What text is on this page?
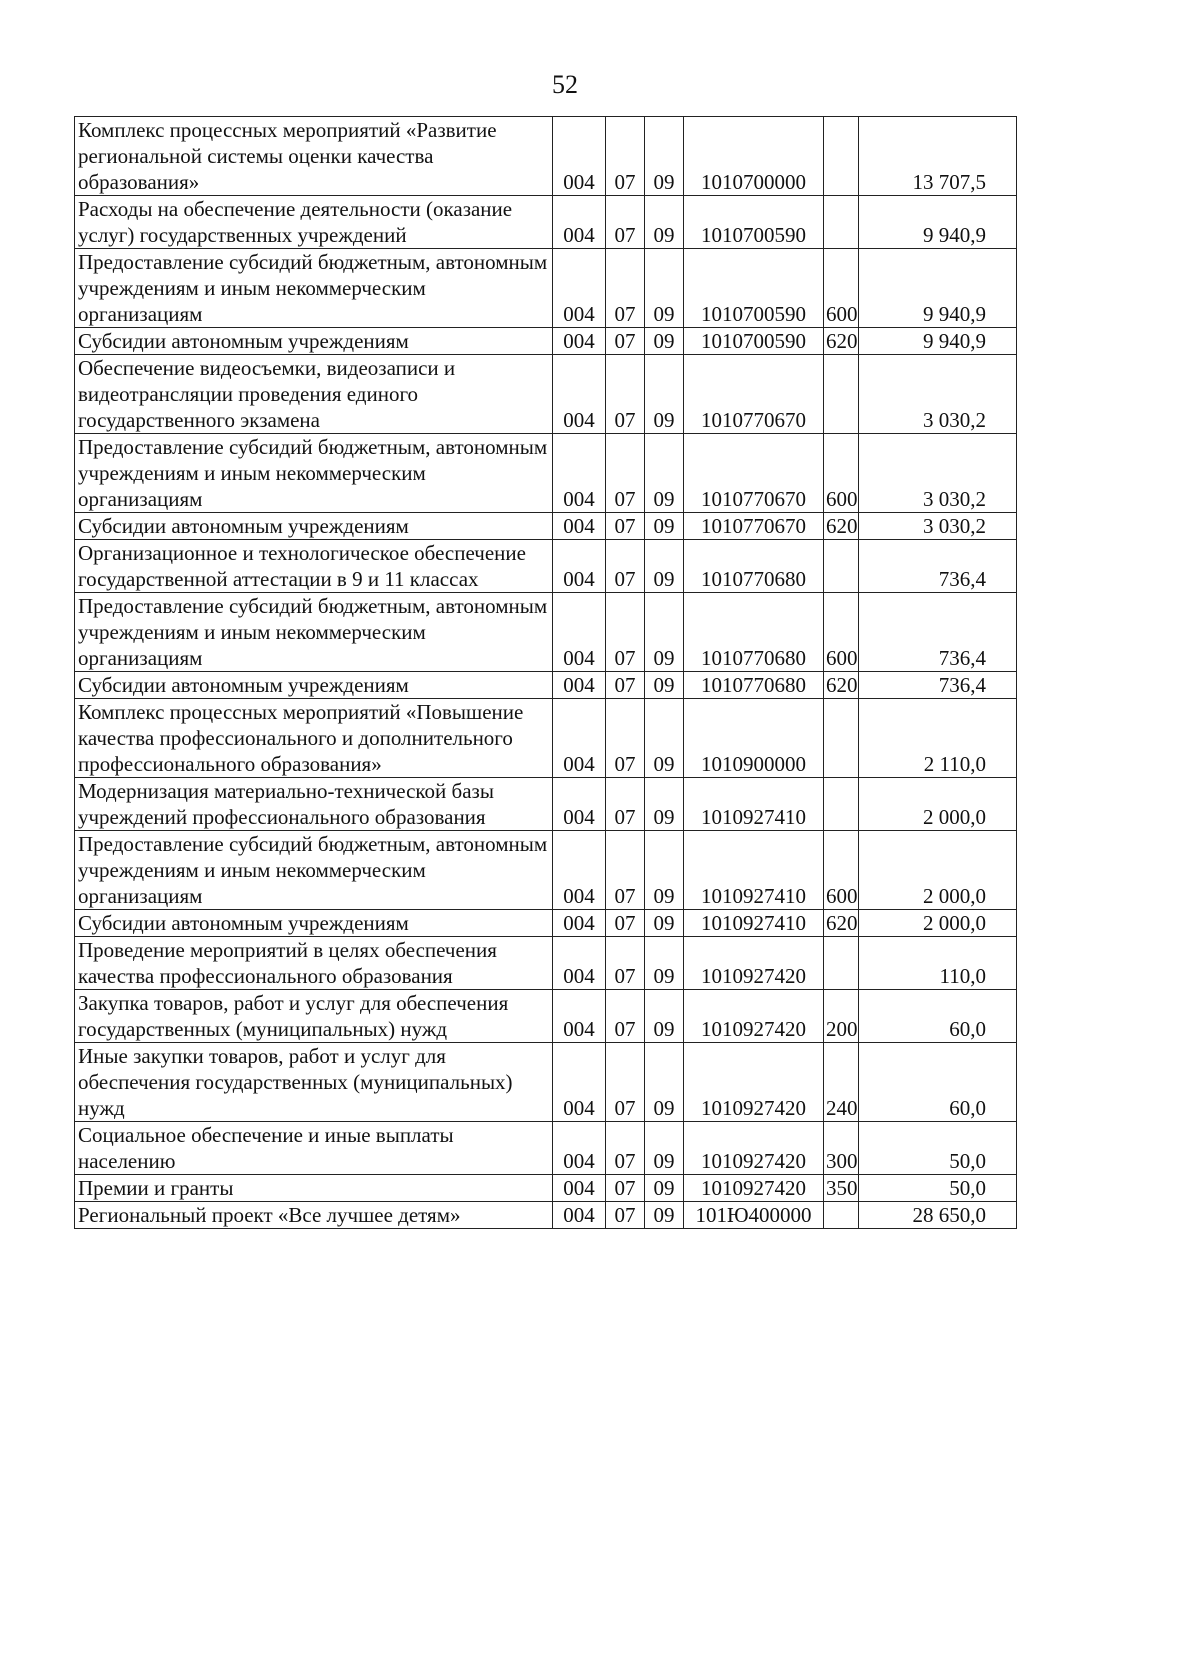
52
Комплекс процессных мероприятий «Развитие региональной системы оценки качества образования»	004	07	09	1010700000		13 707,5
Расходы на обеспечение деятельности (оказание услуг) государственных учреждений	004	07	09	1010700590		9 940,9
Предоставление субсидий бюджетным, автономным учреждениям и иным некоммерческим организациям	004	07	09	1010700590	600	9 940,9
Субсидии автономным учреждениям	004	07	09	1010700590	620	9 940,9
Обеспечение видеосъемки, видеозаписи и видеотрансляции проведения единого государственного экзамена	004	07	09	1010770670		3 030,2
Предоставление субсидий бюджетным, автономным учреждениям и иным некоммерческим организациям	004	07	09	1010770670	600	3 030,2
Субсидии автономным учреждениям	004	07	09	1010770670	620	3 030,2
Организационное и технологическое обеспечение государственной аттестации в 9 и 11 классах	004	07	09	1010770680		736,4
Предоставление субсидий бюджетным, автономным учреждениям и иным некоммерческим организациям	004	07	09	1010770680	600	736,4
Субсидии автономным учреждениям	004	07	09	1010770680	620	736,4
Комплекс процессных мероприятий «Повышение качества профессионального и дополнительного профессионального образования»	004	07	09	1010900000		2 110,0
Модернизация материально-технической базы учреждений профессионального образования	004	07	09	1010927410		2 000,0
Предоставление субсидий бюджетным, автономным учреждениям и иным некоммерческим организациям	004	07	09	1010927410	600	2 000,0
Субсидии автономным учреждениям	004	07	09	1010927410	620	2 000,0
Проведение мероприятий в целях обеспечения качества профессионального образования	004	07	09	1010927420		110,0
Закупка товаров, работ и услуг для обеспечения государственных (муниципальных) нужд	004	07	09	1010927420	200	60,0
Иные закупки товаров, работ и услуг для обеспечения государственных (муниципальных) нужд	004	07	09	1010927420	240	60,0
Социальное обеспечение и иные выплаты населению	004	07	09	1010927420	300	50,0
Премии и гранты	004	07	09	1010927420	350	50,0
Региональный проект «Все лучшее детям»	004	07	09	101Ю400000		28 650,0
